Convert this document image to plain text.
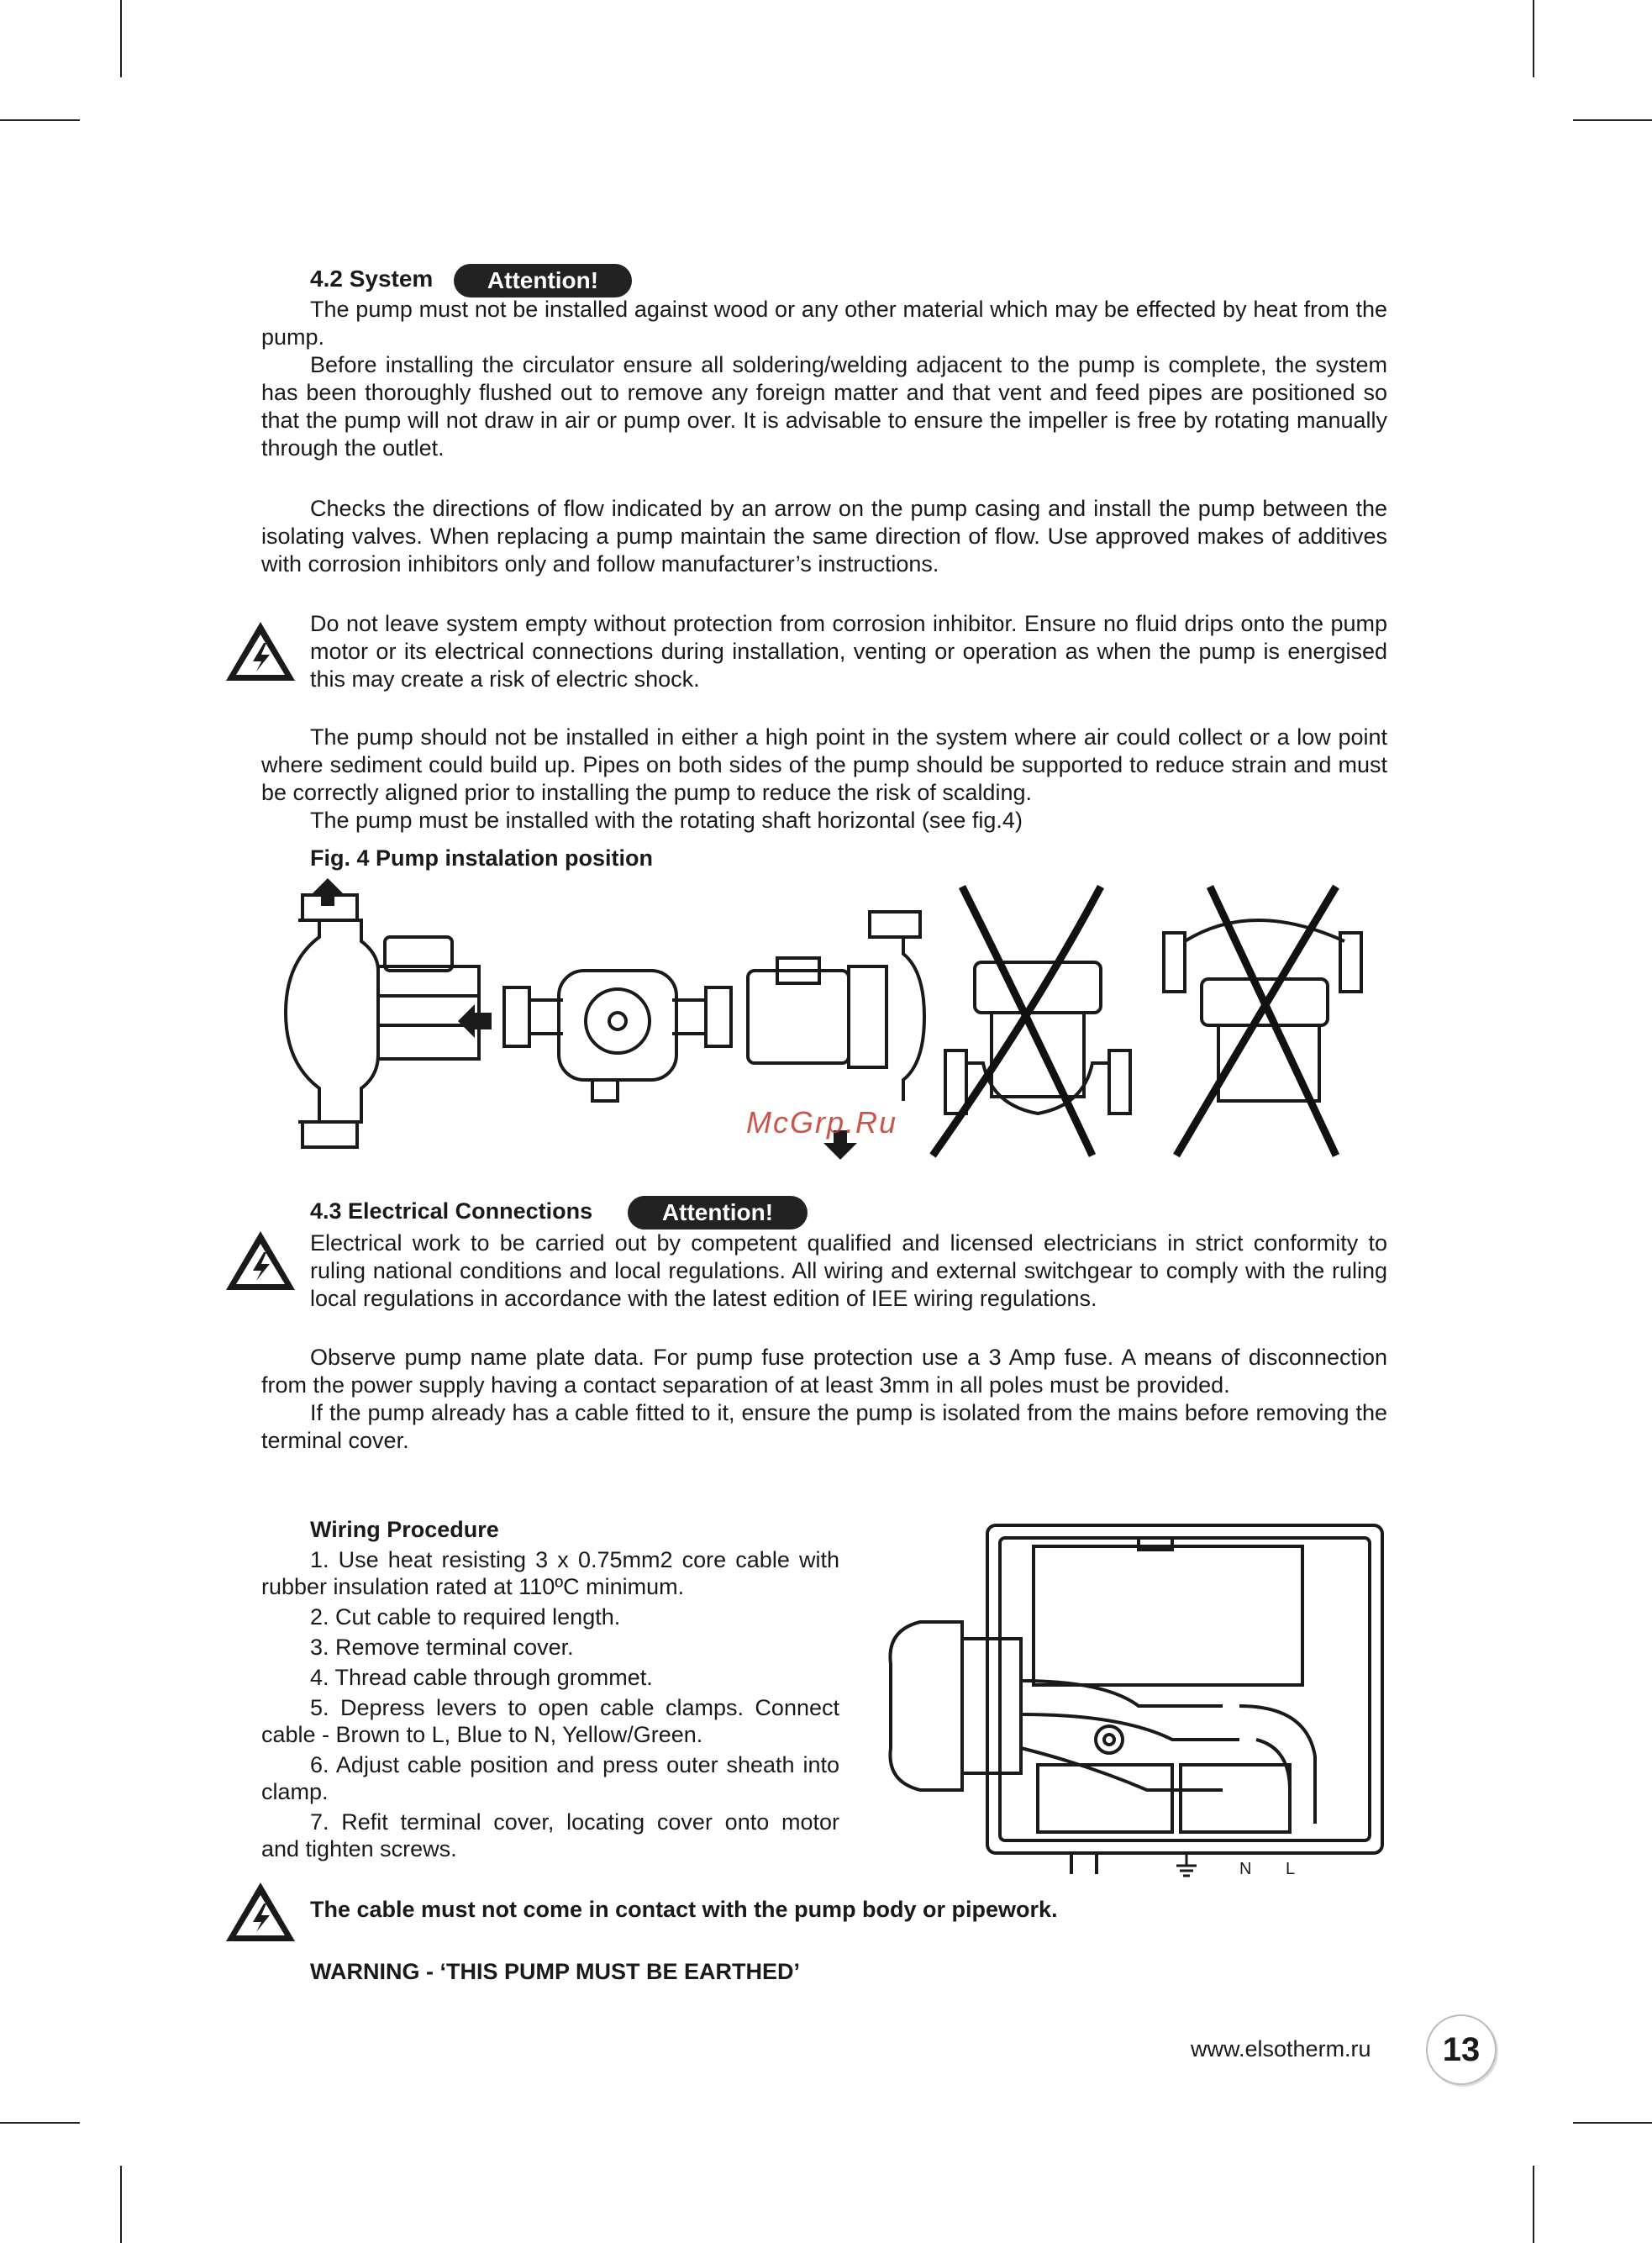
4.2 System	Attention!

The pump must not be installed against wood or any other material which may be effected by heat from the pump.

Before installing the circulator ensure all soldering/welding adjacent to the pump is complete, the system has been thoroughly flushed out to remove any foreign matter and that vent and feed pipes are positioned so that the pump will not draw in air or pump over. It is advisable to ensure the impeller is free by rotating manually through the outlet.

Checks the directions of flow indicated by an arrow on the pump casing and install the pump between the isolating valves. When replacing a pump maintain the same direction of flow. Use approved makes of additives with corrosion inhibitors only and follow manufacturer’s instructions.

Do not leave system empty without protection from corrosion inhibitor. Ensure no fluid drips onto the pump motor or its electrical connections during installation, venting or operation as when the pump is energised this may create a risk of electric shock.

The pump should not be installed in either a high point in the system where air could collect or a low point where sediment could build up. Pipes on both sides of the pump should be supported to reduce strain and must be correctly aligned prior to installing the pump to reduce the risk of scalding.

The pump must be installed with the rotating shaft horizontal (see fig.4)

Fig. 4 Pump instalation position
McGrp.Ru
4.3 Electrical Connections	Attention!
Electrical work to be carried out by competent qualified and licensed electricians in strict conformity to ruling national conditions and local regulations. All wiring and external switchgear to comply with the ruling local regulations in accordance with the latest edition of IEE wiring regulations.

Observe pump name plate data. For pump fuse protection use a 3 Amp fuse. A means of disconnection from the power supply having a contact separation of at least 3mm in all poles must be provided.

If the pump already has a cable fitted to it, ensure the pump is isolated from the mains before removing the terminal cover.

Wiring Procedure

1. Use heat resisting 3 x 0.75mm2 core cable with rubber insulation rated at 110ºC minimum.

2. Cut cable to required length.

3. Remove terminal cover.

4. Thread cable through grommet.

5. Depress levers to open cable clamps. Connect cable - Brown to L, Blue to N, Yellow/Green.

6. Adjust cable position and press outer sheath into clamp.

7. Refit terminal cover, locating cover onto motor and tighten screws.

N L
The cable must not come in contact with the pump body or pipework.
WARNING - ‘THIS PUMP MUST BE EARTHED’
www.elsotherm.ru	13
